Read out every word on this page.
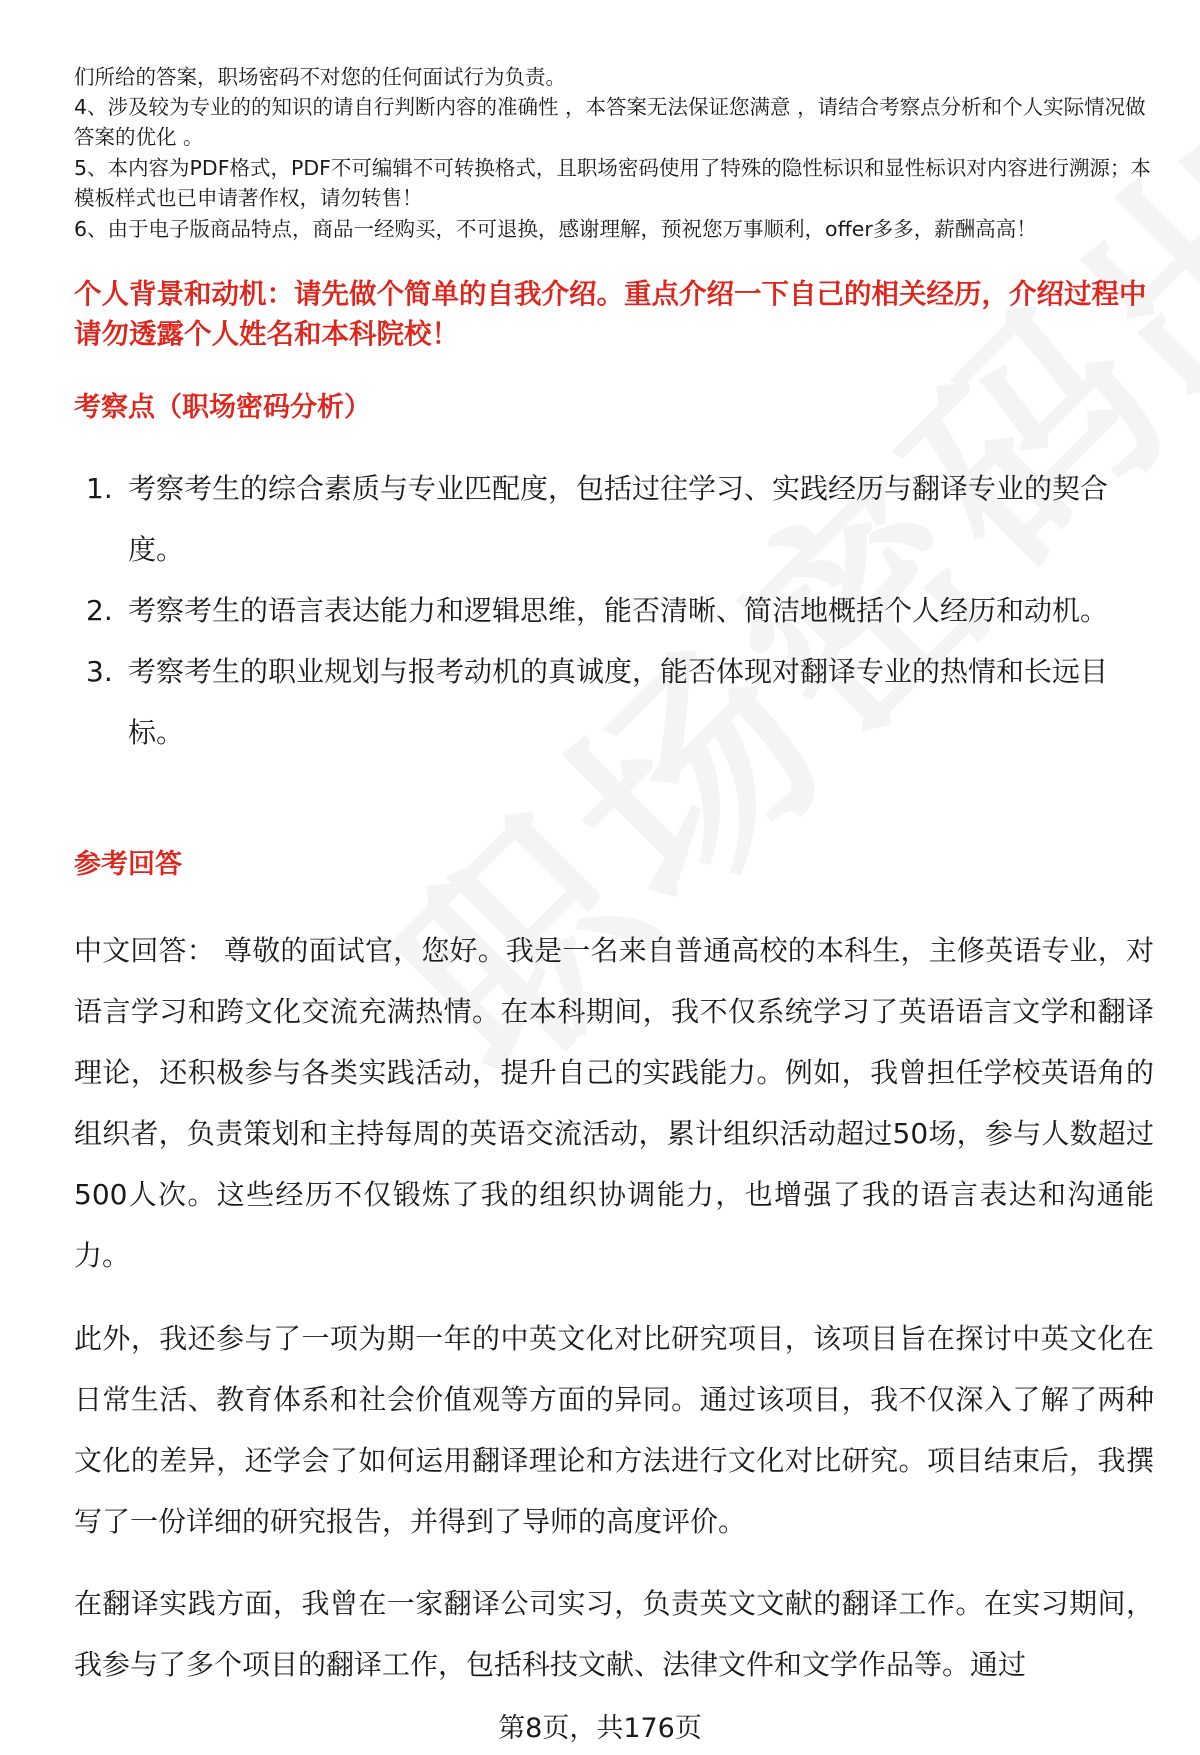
们所给的答案，职场密码不对您的任何面试行为负责。

4、涉及较为专业的的知识的请自行判断内容的准确性 ，本答案无法保证您满意 ，请结合考察点分析和个人实际情况做答案的优化 。

5、本内容为PDF格式，PDF不可编辑不可转换格式，且职场密码使用了特殊的隐性标识和显性标识对内容进行溯源；本模板样式也已申请著作权，请勿转售！

6、由于电子版商品特点，商品一经购买，不可退换，感谢理解，预祝您万事顺利，offer多多，薪酬高高！

个人背景和动机：请先做个简单的自我介绍。重点介绍一下自己的相关经历，介绍过程中请勿透露个人姓名和本科院校！
考察点（职场密码分析）
1. 考察考生的综合素质与专业匹配度，包括过往学习、实践经历与翻译专业的契合度。
2. 考察考生的语言表达能力和逻辑思维，能否清晰、简洁地概括个人经历和动机。
3. 考察考生的职业规划与报考动机的真诚度，能否体现对翻译专业的热情和长远目标。
参考回答

中文回答： 尊敬的面试官，您好。我是一名来自普通高校的本科生，主修英语专业，对语言学习和跨文化交流充满热情。在本科期间，我不仅系统学习了英语语言文学和翻译理论，还积极参与各类实践活动，提升自己的实践能力。例如，我曾担任学校英语角的组织者，负责策划和主持每周的英语交流活动，累计组织活动超过50场，参与人数超过500人次。这些经历不仅锻炼了我的组织协调能力，也增强了我的语言表达和沟通能力。

此外，我还参与了一项为期一年的中英文化对比研究项目，该项目旨在探讨中英文化在日常生活、教育体系和社会价值观等方面的异同。通过该项目，我不仅深入了解了两种文化的差异，还学会了如何运用翻译理论和方法进行文化对比研究。项目结束后，我撰写了一份详细的研究报告，并得到了导师的高度评价。

在翻译实践方面，我曾在一家翻译公司实习，负责英文文献的翻译工作。在实习期间，我参与了多个项目的翻译工作，包括科技文献、法律文件和文学作品等。通过

第8页，共176页
